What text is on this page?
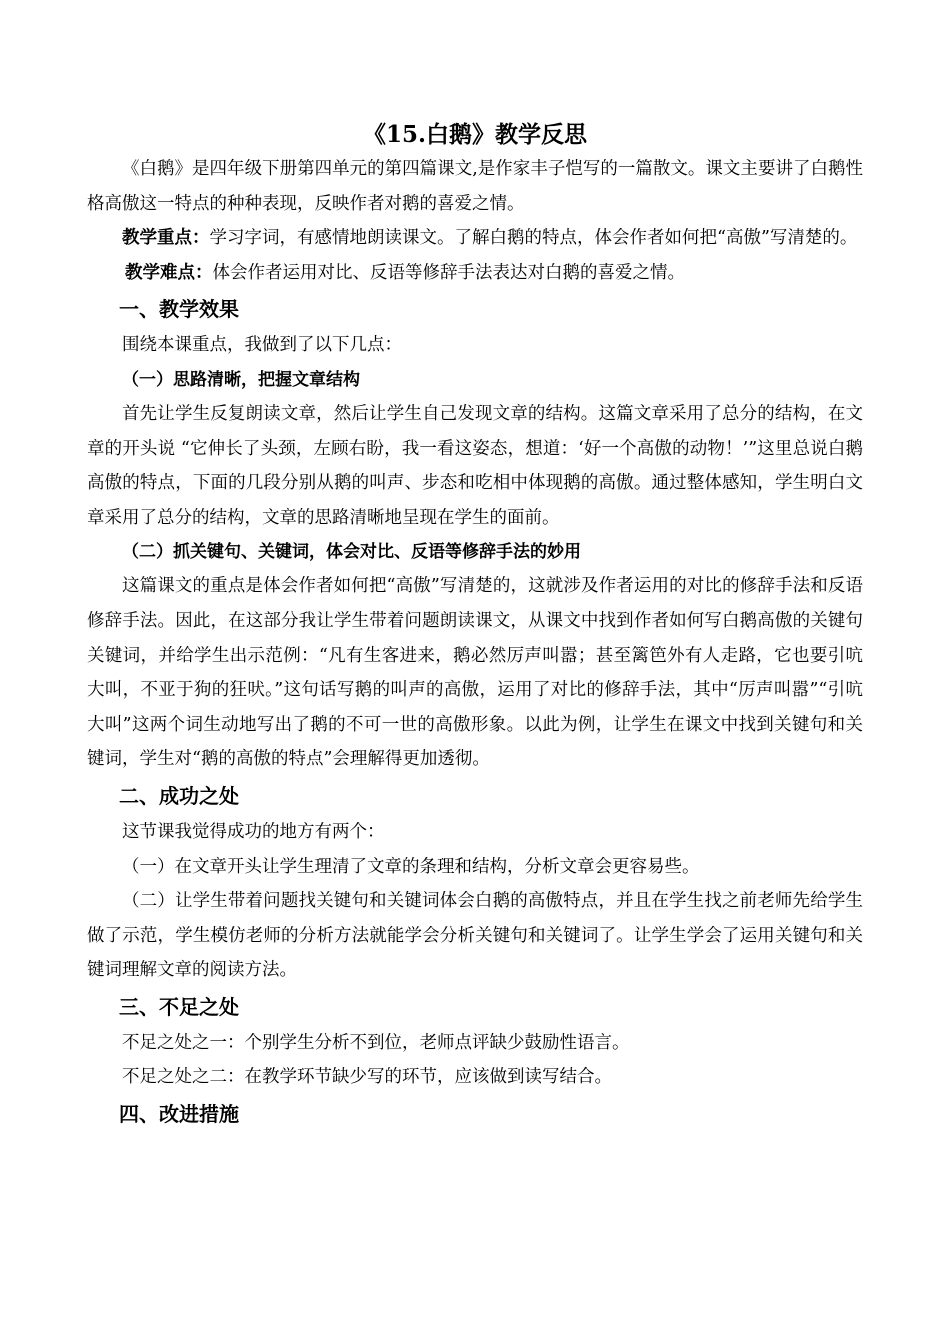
《15.白鹅》教学反思

《白鹅》是四年级下册第四单元的第四篇课文,是作家丰子恺写的一篇散文。课文主要讲了白鹅性格高傲这一特点的种种表现，反映作者对鹅的喜爱之情。

教学重点：学习字词，有感情地朗读课文。了解白鹅的特点，体会作者如何把“高傲”写清楚的。

教学难点：体会作者运用对比、反语等修辞手法表达对白鹅的喜爱之情。

一、教学效果

围绕本课重点，我做到了以下几点：

（一）思路清晰，把握文章结构

首先让学生反复朗读文章，然后让学生自己发现文章的结构。这篇文章采用了总分的结构，在文章的开头说 “它伸长了头颈，左顾右盼，我一看这姿态，想道：‘好一个高傲的动物！’”这里总说白鹅高傲的特点，下面的几段分别从鹅的叫声、步态和吃相中体现鹅的高傲。通过整体感知，学生明白文章采用了总分的结构，文章的思路清晰地呈现在学生的面前。

（二）抓关键句、关键词，体会对比、反语等修辞手法的妙用

这篇课文的重点是体会作者如何把“高傲”写清楚的，这就涉及作者运用的对比的修辞手法和反语修辞手法。因此，在这部分我让学生带着问题朗读课文，从课文中找到作者如何写白鹅高傲的关键句关键词，并给学生出示范例：“凡有生客进来，鹅必然厉声叫嚣；甚至篱笆外有人走路，它也要引吭大叫，不亚于狗的狂吠。”这句话写鹅的叫声的高傲，运用了对比的修辞手法，其中“厉声叫嚣”“引吭大叫”这两个词生动地写出了鹅的不可一世的高傲形象。以此为例，让学生在课文中找到关键句和关键词，学生对“鹅的高傲的特点”会理解得更加透彻。

二、成功之处

这节课我觉得成功的地方有两个：

（一）在文章开头让学生理清了文章的条理和结构，分析文章会更容易些。

（二）让学生带着问题找关键句和关键词体会白鹅的高傲特点，并且在学生找之前老师先给学生做了示范，学生模仿老师的分析方法就能学会分析关键句和关键词了。让学生学会了运用关键句和关键词理解文章的阅读方法。

三、不足之处

不足之处之一：个别学生分析不到位，老师点评缺少鼓励性语言。

不足之处之二：在教学环节缺少写的环节，应该做到读写结合。

四、改进措施
